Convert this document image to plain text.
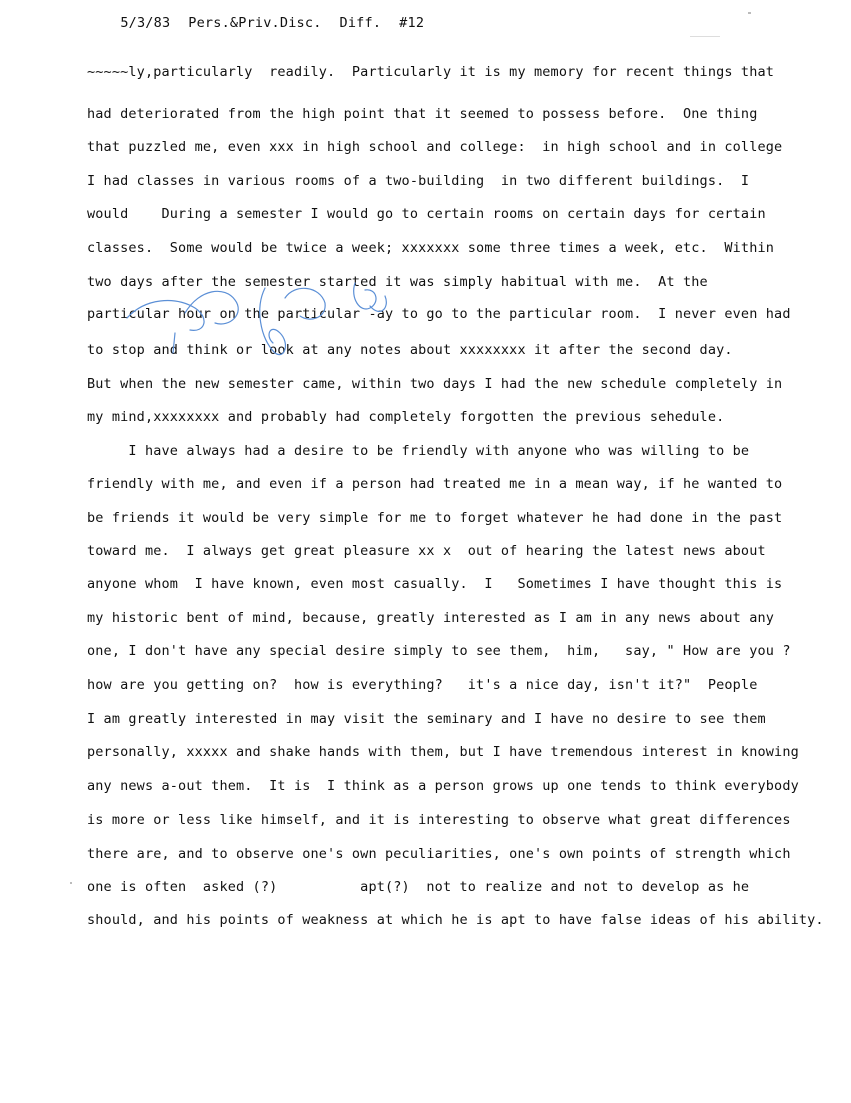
5/3/83 Pers.&Priv.Disc. Diff. #12

~~~~~ly,particularly  readily.  Particularly it is my memory for recent things that
had deteriorated from the high point that it seemed to possess before.  One thing
that puzzled me, even xxx in high school and college:  in high school and in college
I had classes in various rooms of a two-building  in two different buildings.  I
would    During a semester I would go to certain rooms on certain days for certain
classes.  Some would be twice a week; xxxxxxx some three times a week, etc.  Within
two days after the semester started it was simply habitual with me.  At the
particular hour on the particular -ay to go to the particular room.  I never even had
to stop and think or look at any notes about xxxxxxxx it after the second day.
But when the new semester came, within two days I had the new schedule completely in
my mind,xxxxxxxx and probably had completely forgotten the previous sehedule.
I have always had a desire to be friendly with anyone who was willing to be
friendly with me, and even if a person had treated me in a mean way, if he wanted to
be friends it would be very simple for me to forget whatever he had done in the past
toward me.  I always get great pleasure xx x  out of hearing the latest news about
anyone whom  I have known, even most casually.  I   Sometimes I have thought this is
my historic bent of mind, because, greatly interested as I am in any news about any
one, I don't have any special desire simply to see them,  him,   say, " How are you ?
how are you getting on?  how is everything?   it's a nice day, isn't it?"  People
I am greatly interested in may visit the seminary and I have no desire to see them
personally, xxxxx and shake hands with them, but I have tremendous interest in knowing
any news a-out them.  It is  I think as a person grows up one tends to think everybody
is more or less like himself, and it is interesting to observe what great differences
there are, and to observe one's own peculiarities, one's own points of strength which
one is often  asked (?)          apt(?)  not to realize and not to develop as he
should, and his points of weakness at which he is apt to have false ideas of his ability.
